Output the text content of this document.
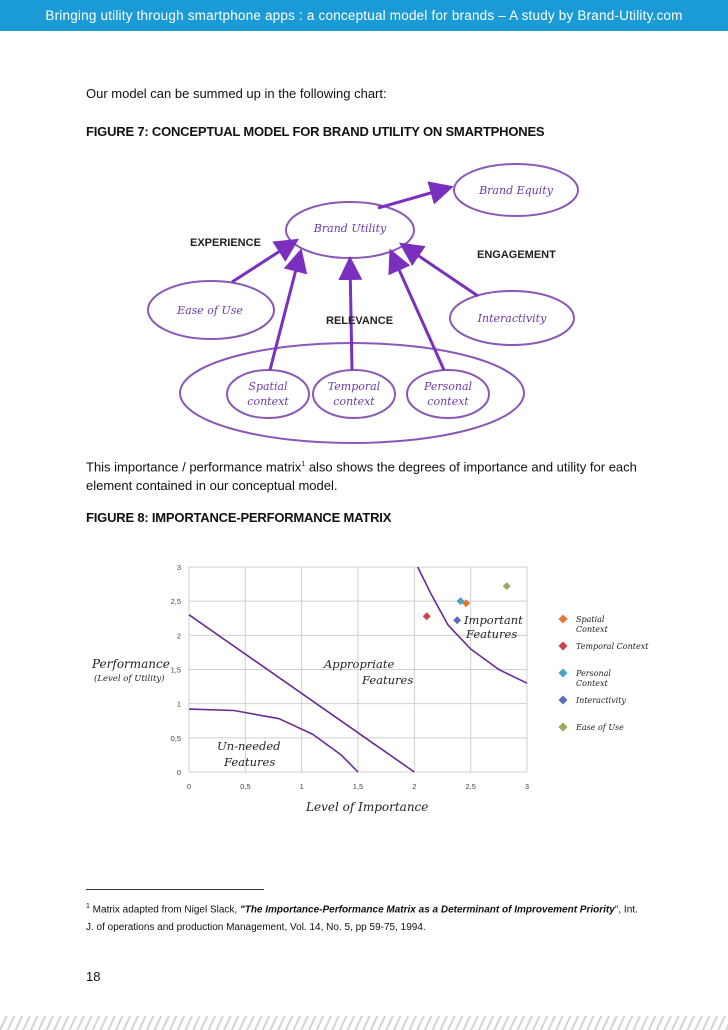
Bringing utility through smartphone apps : a conceptual model for brands – A study by Brand-Utility.com
Our model can be summed up in the following chart:
FIGURE 7: CONCEPTUAL MODEL FOR BRAND UTILITY ON SMARTPHONES
Brand Equity
Brand Utility
Ease of Use
Interactivity
Spatial
context
Temporal
context
Personal
context
EXPERIENCE
ENGAGEMENT
RELEVANCE
This importance / performance matrix$^1$ also shows the degrees of importance and utility for each element contained in our conceptual model.
FIGURE 8: IMPORTANCE-PERFORMANCE MATRIX
0	0,5	1	1,5	2	2,5	3
0
0,5
1
1,5
2
2,5
3
Spatial
Context
Temporal Context
Personal
Context
Interactivity
Ease of Use
Important
Features
Appropriate
Features
Un-needed
Features
Performance
(Level of Utility)
Level of Importance
$^1$ Matrix adapted from Nigel Slack, "The Importance-Performance Matrix as a Determinant of Improvement Priority", Int. J. of operations and production Management, Vol. 14, No. 5, pp 59-75, 1994.
18
